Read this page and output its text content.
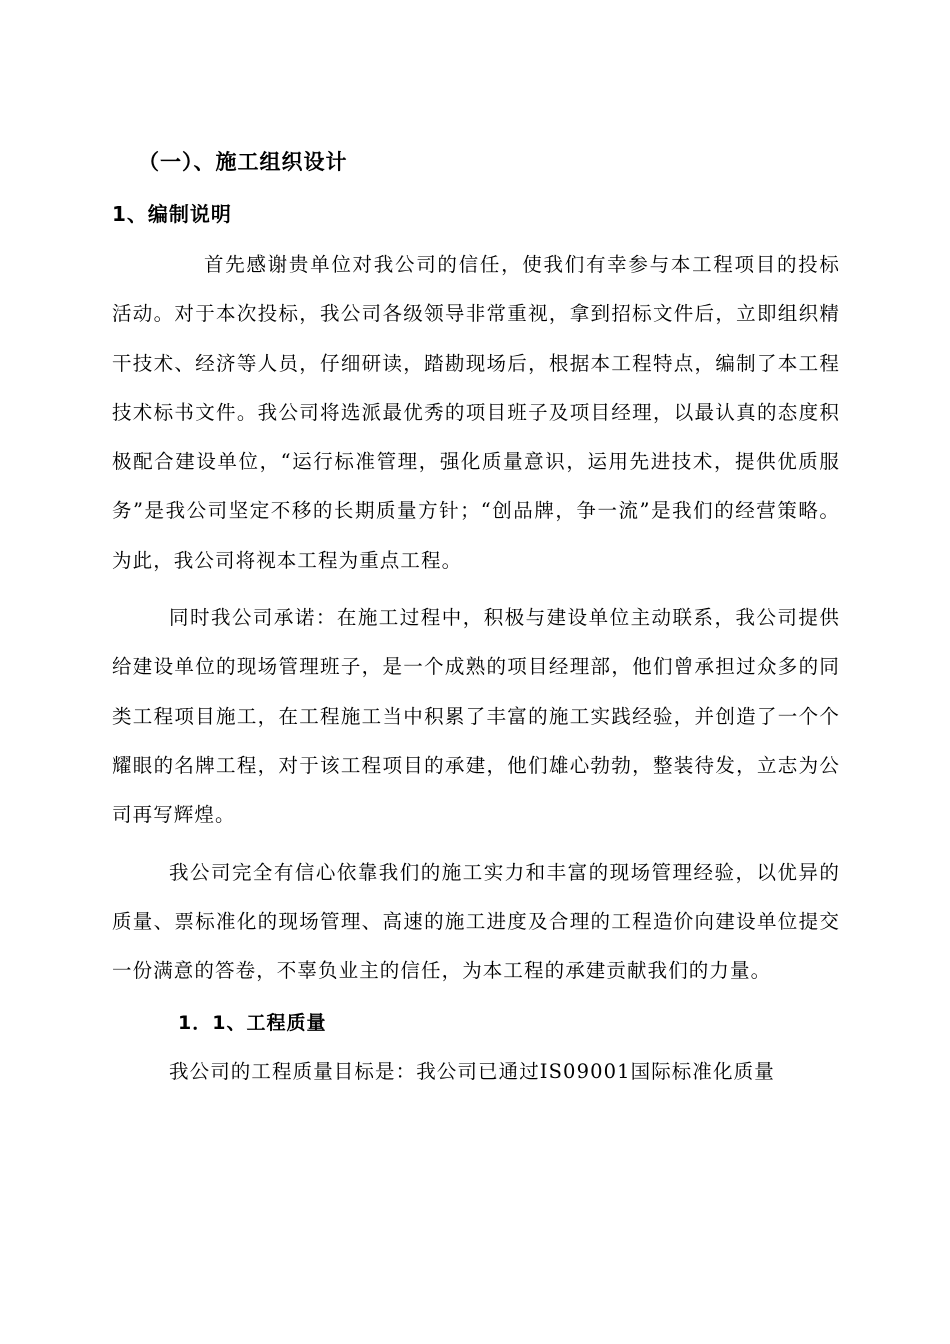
（一）、施工组织设计
1、编制说明

首先感谢贵单位对我公司的信任，使我们有幸参与本工程项目的投标活动。对于本次投标，我公司各级领导非常重视，拿到招标文件后，立即组织精干技术、经济等人员，仔细研读，踏勘现场后，根据本工程特点，编制了本工程技术标书文件。我公司将选派最优秀的项目班子及项目经理，以最认真的态度积极配合建设单位，“运行标准管理，强化质量意识，运用先进技术，提供优质服务”是我公司坚定不移的长期质量方针；“创品牌，争一流”是我们的经营策略。为此，我公司将视本工程为重点工程。

同时我公司承诺：在施工过程中，积极与建设单位主动联系，我公司提供给建设单位的现场管理班子，是一个成熟的项目经理部，他们曾承担过众多的同类工程项目施工，在工程施工当中积累了丰富的施工实践经验，并创造了一个个耀眼的名牌工程，对于该工程项目的承建，他们雄心勃勃，整装待发，立志为公司再写辉煌。

我公司完全有信心依靠我们的施工实力和丰富的现场管理经验，以优异的质量、票标准化的现场管理、高速的施工进度及合理的工程造价向建设单位提交一份满意的答卷，不辜负业主的信任，为本工程的承建贡献我们的力量。

1．1、工程质量

我公司的工程质量目标是：我公司已通过IS09001国际标准化质量
